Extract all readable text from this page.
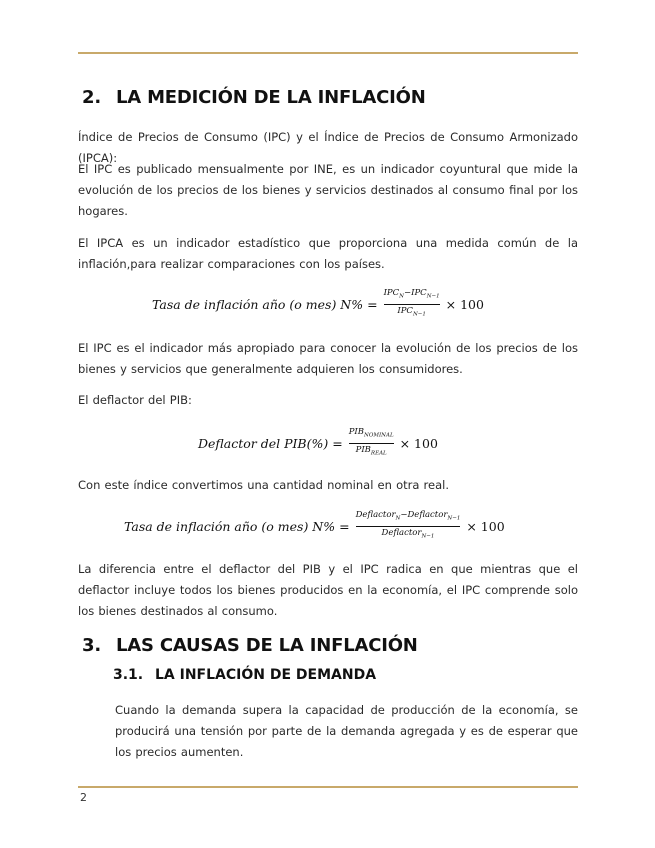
2. LA MEDICIÓN DE LA INFLACIÓN

Índice de Precios de Consumo (IPC) y el Índice de Precios de Consumo Armonizado (IPCA):

El IPC es publicado mensualmente por INE, es un indicador coyuntural que mide la evolución de los precios de los bienes y servicios destinados al consumo final por los hogares.

El IPCA es un indicador estadístico que proporciona una medida común de la inflación,para realizar comparaciones con los países.

Tasa de inflación año (o mes) $N\% = \frac{IPC_N-IPC_{N-1}}{IPC_{N-1}} \times 100$

El IPC es el indicador más apropiado para conocer la evolución de los precios de los bienes y servicios que generalmente adquieren los consumidores.

El deflactor del PIB:

Deflactor del $PIB(\%) = \frac{PIB_{NOMINAL}}{PIB_{REAL}} \times 100$

Con este índice convertimos una cantidad nominal en otra real.

Tasa de inflación año (o mes) $N\% = \frac{Deflactor_N-Deflactor_{N-1}}{Deflactor_{N-1}} \times 100$

La diferencia entre el deflactor del PIB y el IPC radica en que mientras que el deflactor incluye todos los bienes producidos en la economía, el IPC comprende solo los bienes destinados al consumo.

3. LAS CAUSAS DE LA INFLACIÓN
3.1. LA INFLACIÓN DE DEMANDA

Cuando la demanda supera la capacidad de producción de la economía, se producirá una tensión por parte de la demanda agregada y es de esperar que los precios aumenten.

2
